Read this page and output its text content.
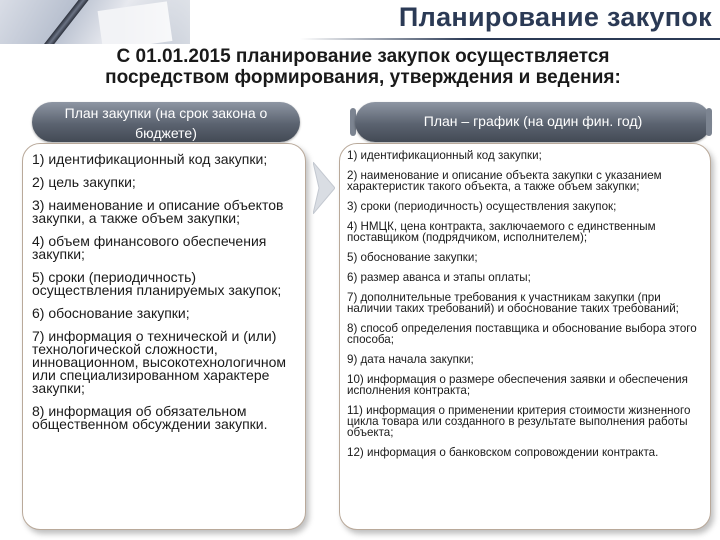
Планирование закупок
С 01.01.2015 планирование закупок осуществляется
посредством формирования, утверждения и ведения:
План закупки (на срок закона о
бюджете)
План – график (на один фин. год)
1) идентификационный код закупки;
2) цель закупки;
3) наименование и описание объектов закупки, а также объем закупки;
4) объем финансового обеспечения закупки;
5) сроки (периодичность) осуществления планируемых закупок;
6) обоснование закупки;
7) информация о технической и (или) технологической сложности, инновационном, высокотехнологичном или специализированном характере закупки;
8) информация об обязательном общественном обсуждении закупки.
1) идентификационный код закупки;
2) наименование и описание объекта закупки с указанием характеристик такого объекта, а также объем закупки;
3) сроки (периодичность) осуществления закупок;
4) НМЦК, цена контракта, заключаемого с единственным поставщиком (подрядчиком, исполнителем);
5) обоснование закупки;
6) размер аванса и этапы оплаты;
7) дополнительные требования к участникам закупки (при наличии таких требований) и обоснование таких требований;
8) способ определения поставщика и обоснование выбора этого способа;
9) дата начала закупки;
10) информация о размере обеспечения заявки и обеспечения исполнения контракта;
11) информация о применении критерия стоимости жизненного цикла товара или созданного в результате выполнения работы объекта;
12) информация о банковском сопровождении контракта.
